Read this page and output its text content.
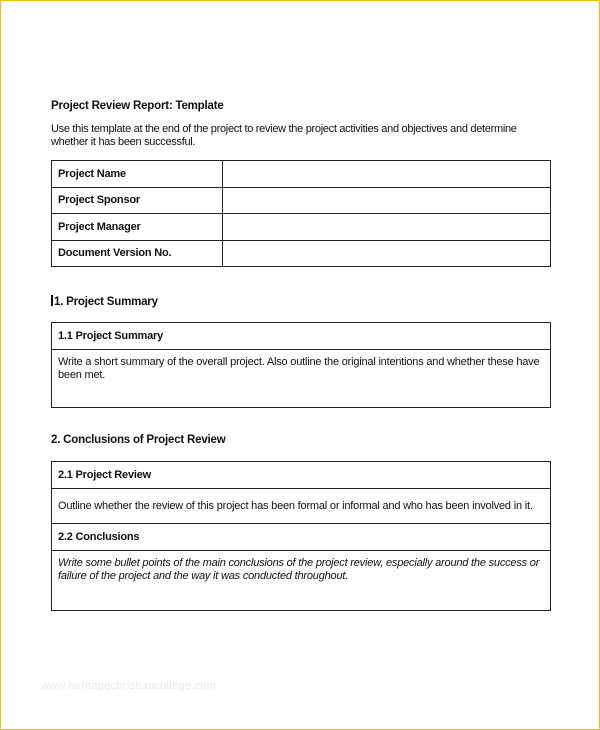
Project Review Report: Template
Use this template at the end of the project to review the project activities and objectives and determine whether it has been successful.
Project Name	
Project Sponsor	
Project Manager	
Document Version No.	
1. Project Summary
1.1 Project Summary
Write a short summary of the overall project. Also outline the original intentions and whether these have been met.
2. Conclusions of Project Review
2.1 Project Review
Outline whether the review of this project has been formal or informal and who has been involved in it.
2.2 Conclusions
Write some bullet points of the main conclusions of the project review, especially around the success or failure of the project and the way it was conducted throughout.
www.heritagechristiancollege.com
